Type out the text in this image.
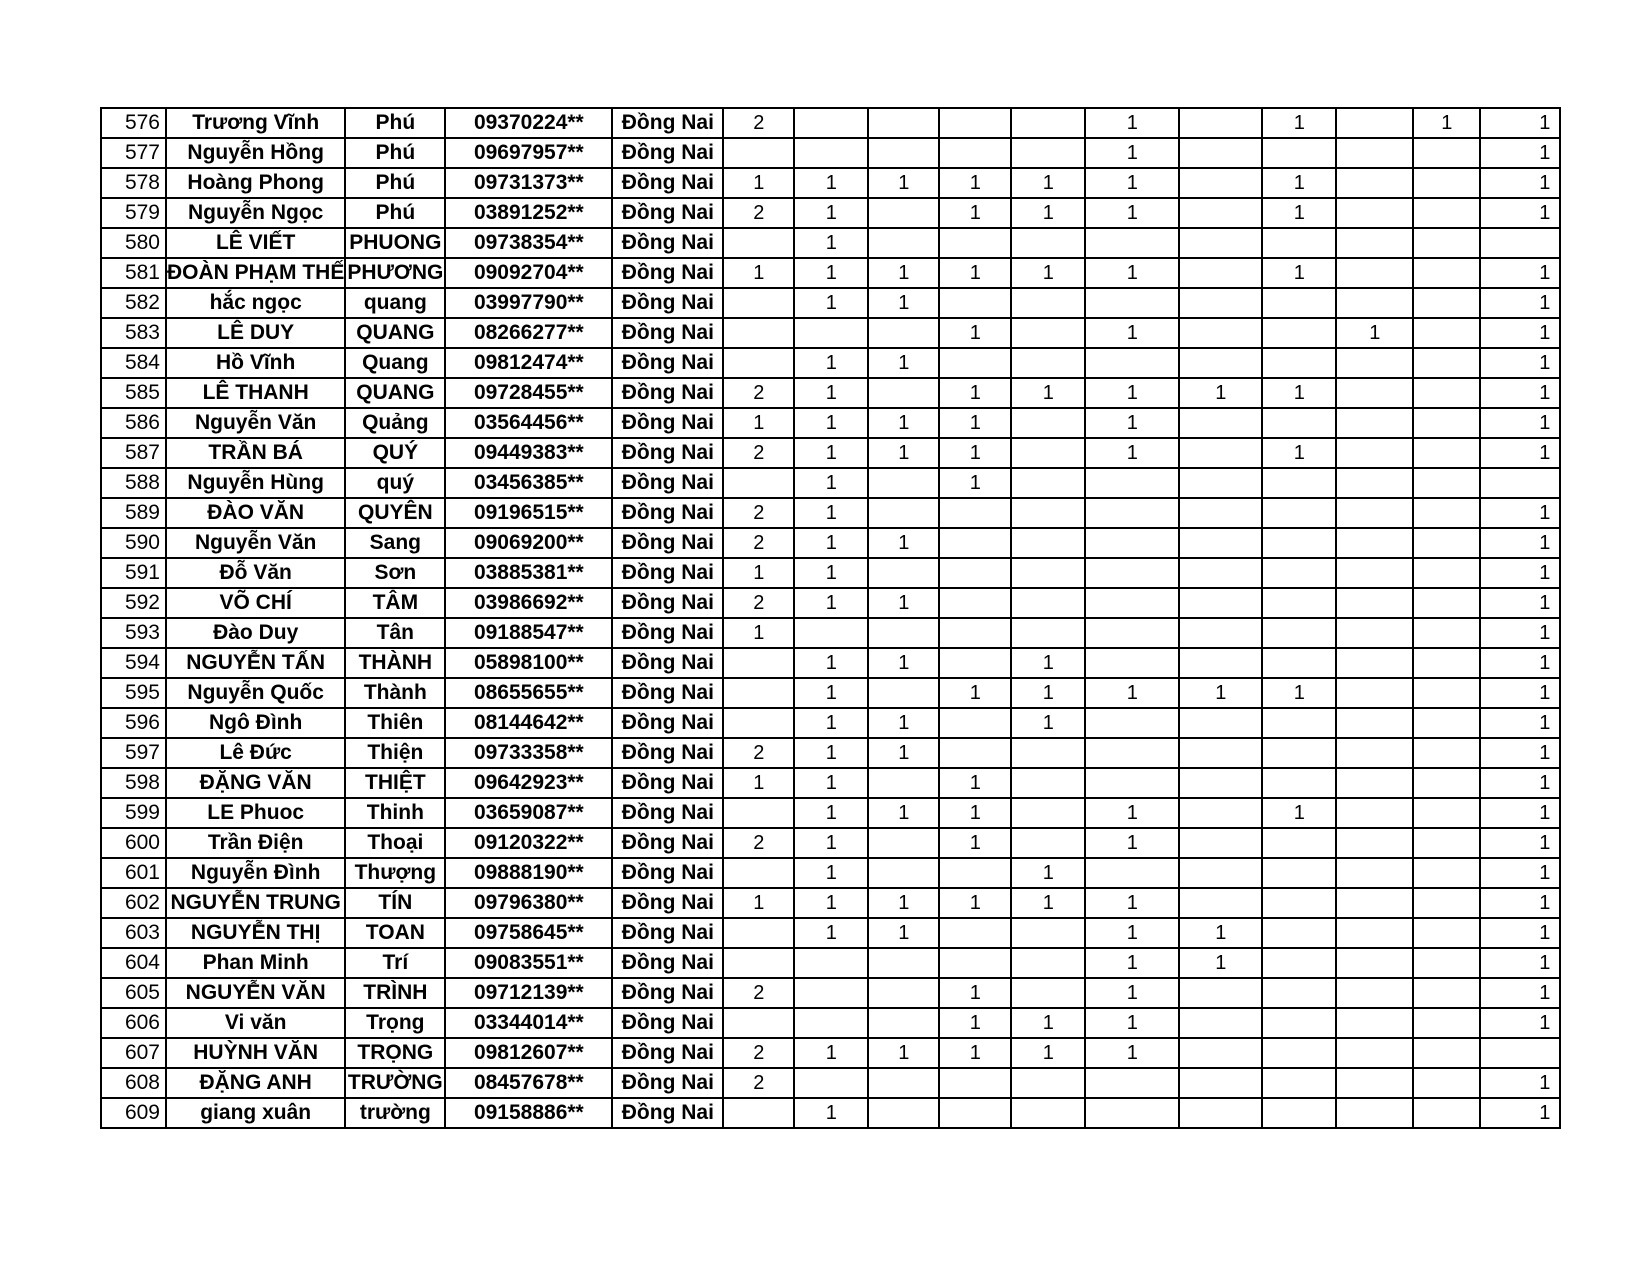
576	Trương Vĩnh	Phú	09370224**	Đồng Nai	2					1		1		1	1
577	Nguyễn Hồng	Phú	09697957**	Đồng Nai						1					1
578	Hoàng Phong	Phú	09731373**	Đồng Nai	1	1	1	1	1	1		1			1
579	Nguyễn Ngọc	Phú	03891252**	Đồng Nai	2	1		1	1	1		1			1
580	LÊ VIẾT	PHUONG	09738354**	Đồng Nai		1									
581	ĐOÀN PHẠM THẾ	PHƯƠNG	09092704**	Đồng Nai	1	1	1	1	1	1		1			1
582	hắc ngọc	quang	03997790**	Đồng Nai		1	1								1
583	LÊ DUY	QUANG	08266277**	Đồng Nai				1		1			1		1
584	Hồ Vĩnh	Quang	09812474**	Đồng Nai		1	1								1
585	LÊ THANH	QUANG	09728455**	Đồng Nai	2	1		1	1	1	1	1			1
586	Nguyễn Văn	Quảng	03564456**	Đồng Nai	1	1	1	1		1					1
587	TRẦN BÁ	QUÝ	09449383**	Đồng Nai	2	1	1	1		1		1			1
588	Nguyễn Hùng	quý	03456385**	Đồng Nai		1		1							
589	ĐÀO VĂN	QUYÊN	09196515**	Đồng Nai	2	1									1
590	Nguyễn Văn	Sang	09069200**	Đồng Nai	2	1	1								1
591	Đỗ Văn	Sơn	03885381**	Đồng Nai	1	1									1
592	VÕ CHÍ	TÂM	03986692**	Đồng Nai	2	1	1								1
593	Đào Duy	Tân	09188547**	Đồng Nai	1										1
594	NGUYỄN TẤN	THÀNH	05898100**	Đồng Nai		1	1		1						1
595	Nguyễn Quốc	Thành	08655655**	Đồng Nai		1		1	1	1	1	1			1
596	Ngô Đình	Thiên	08144642**	Đồng Nai		1	1		1						1
597	Lê Đức	Thiện	09733358**	Đồng Nai	2	1	1								1
598	ĐẶNG VĂN	THIỆT	09642923**	Đồng Nai	1	1		1							1
599	LE Phuoc	Thinh	03659087**	Đồng Nai		1	1	1		1		1			1
600	Trần Điện	Thoại	09120322**	Đồng Nai	2	1		1		1					1
601	Nguyễn Đình	Thượng	09888190**	Đồng Nai		1			1						1
602	NGUYỄN TRUNG	TÍN	09796380**	Đồng Nai	1	1	1	1	1	1					1
603	NGUYỄN THỊ	TOAN	09758645**	Đồng Nai		1	1			1	1				1
604	Phan Minh	Trí	09083551**	Đồng Nai						1	1				1
605	NGUYỄN VĂN	TRÌNH	09712139**	Đồng Nai	2			1		1					1
606	Vi văn	Trọng	03344014**	Đồng Nai				1	1	1					1
607	HUỲNH VĂN	TRỌNG	09812607**	Đồng Nai	2	1	1	1	1	1					
608	ĐẶNG ANH	TRƯỜNG	08457678**	Đồng Nai	2										1
609	giang xuân	trường	09158886**	Đồng Nai		1									1
